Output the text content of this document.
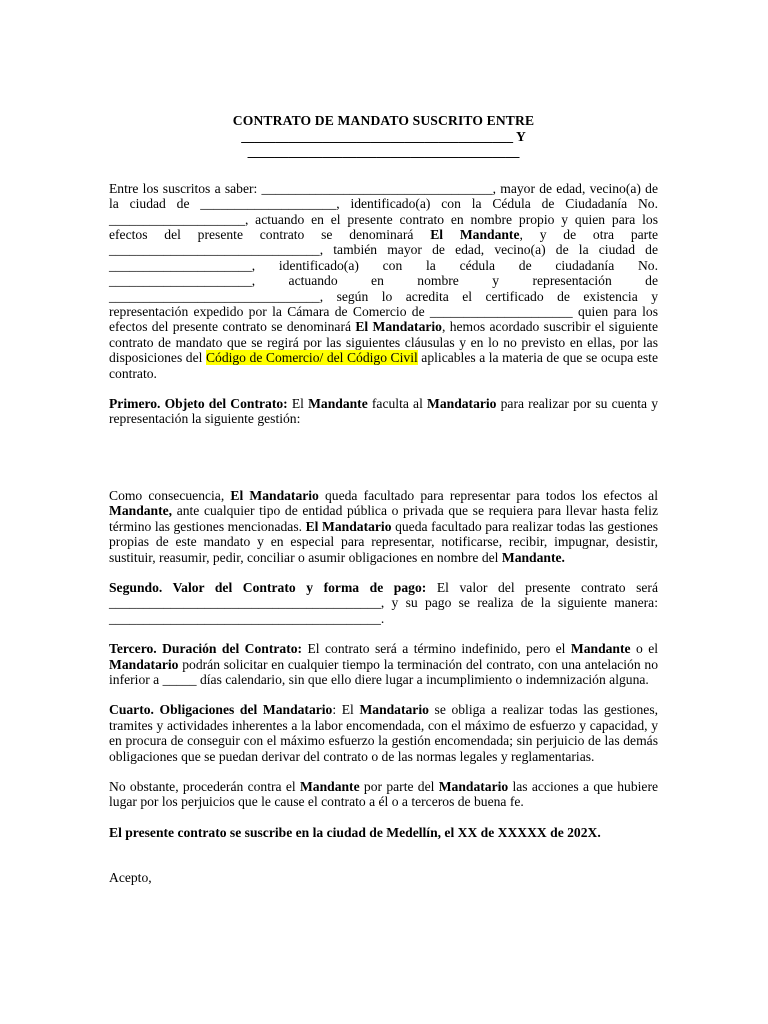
CONTRATO DE MANDATO SUSCRITO ENTRE
________________________________________ Y
________________________________________

Entre los suscritos a saber: __________________________________, mayor de edad, vecino(a) de la ciudad de ____________________, identificado(a) con la Cédula de Ciudadanía No. ____________________, actuando en el presente contrato en nombre propio y quien para los efectos del presente contrato se denominará El Mandante, y de otra parte _______________________________, también mayor de edad, vecino(a) de la ciudad de _____________________, identificado(a) con la cédula de ciudadanía No. _____________________, actuando en nombre y representación de _______________________________, según lo acredita el certificado de existencia y representación expedido por la Cámara de Comercio de _____________________ quien para los efectos del presente contrato se denominará El Mandatario, hemos acordado suscribir el siguiente contrato de mandato que se regirá por las siguientes cláusulas y en lo no previsto en ellas, por las disposiciones del Código de Comercio/ del Código Civil aplicables a la materia de que se ocupa este contrato.

Primero. Objeto del Contrato: El Mandante faculta al Mandatario para realizar por su cuenta y representación la siguiente gestión:

Como consecuencia, El Mandatario queda facultado para representar para todos los efectos al Mandante, ante cualquier tipo de entidad pública o privada que se requiera para llevar hasta feliz término las gestiones mencionadas. El Mandatario queda facultado para realizar todas las gestiones propias de este mandato y en especial para representar, notificarse, recibir, impugnar, desistir, sustituir, reasumir, pedir, conciliar o asumir obligaciones en nombre del Mandante.

Segundo. Valor del Contrato y forma de pago: El valor del presente contrato será ________________________________________, y su pago se realiza de la siguiente manera: ________________________________________.

Tercero. Duración del Contrato: El contrato será a término indefinido, pero el Mandante o el Mandatario podrán solicitar en cualquier tiempo la terminación del contrato, con una antelación no inferior a _____ días calendario, sin que ello diere lugar a incumplimiento o indemnización alguna.

Cuarto. Obligaciones del Mandatario: El Mandatario se obliga a realizar todas las gestiones, tramites y actividades inherentes a la labor encomendada, con el máximo de esfuerzo y capacidad, y en procura de conseguir con el máximo esfuerzo la gestión encomendada; sin perjuicio de las demás obligaciones que se puedan derivar del contrato o de las normas legales y reglamentarias.

No obstante, procederán contra el Mandante por parte del Mandatario las acciones a que hubiere lugar por los perjuicios que le cause el contrato a él o a terceros de buena fe.

El presente contrato se suscribe en la ciudad de Medellín, el XX de XXXXX de 202X.

Acepto,
